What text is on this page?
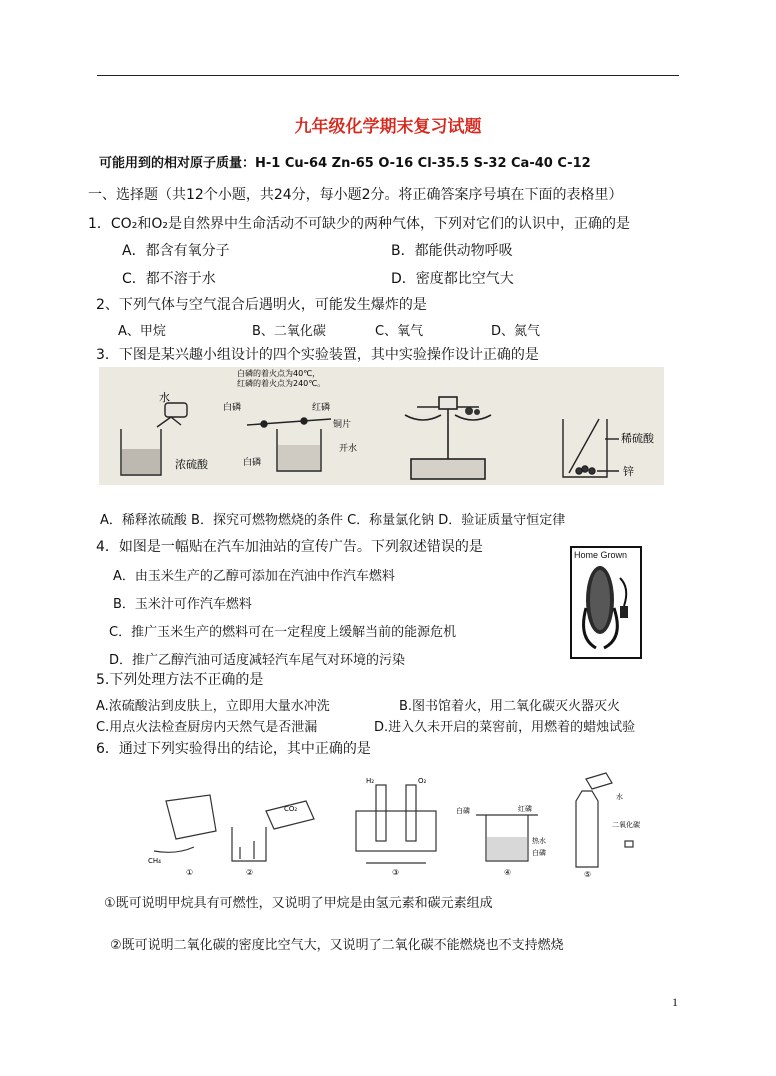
九年级化学期末复习试题
可能用到的相对原子质量：H-1 Cu-64 Zn-65 O-16 Cl-35.5 S-32 Ca-40 C-12
一、选择题（共12个小题，共24分，每小题2分。将正确答案序号填在下面的表格里）
1．CO₂和O₂是自然界中生命活动不可缺少的两种气体，下列对它们的认识中，正确的是
A．都含有氧分子	B．都能供动物呼吸
C．都不溶于水	D．密度都比空气大
2、下列气体与空气混合后遇明火，可能发生爆炸的是
A、甲烷	B、二氧化碳	C、氧气	D、氮气
3．下图是某兴趣小组设计的四个实验装置，其中实验操作设计正确的是
水
浓硫酸
白磷的着火点为40℃，
红磷的着火点为240℃。
白磷	红磷
铜片
开水
白磷
稀硫酸
锌
A．稀释浓硫酸 B．探究可燃物燃烧的条件 C．称量氯化钠 D．验证质量守恒定律
4．如图是一幅贴在汽车加油站的宣传广告。下列叙述错误的是
A．由玉米生产的乙醇可添加在汽油中作汽车燃料
B．玉米汁可作汽车燃料
C．推广玉米生产的燃料可在一定程度上缓解当前的能源危机
D．推广乙醇汽油可适度减轻汽车尾气对环境的污染
Home Grown
5.下列处理方法不正确的是
A.浓硫酸沾到皮肤上，立即用大量水冲洗	B.图书馆着火，用二氧化碳灭火器灭火
C.用点火法检查厨房内天然气是否泄漏	D.进入久未开启的菜窖前，用燃着的蜡烛试验
6．通过下列实验得出的结论，其中正确的是
CH₄
①
CO₂
②
H₂	O₂
③
白磷	红磷
热水
白磷
④
水
二氧化碳
⑤
①既可说明甲烷具有可燃性，又说明了甲烷是由氢元素和碳元素组成
②既可说明二氧化碳的密度比空气大，又说明了二氧化碳不能燃烧也不支持燃烧
1
